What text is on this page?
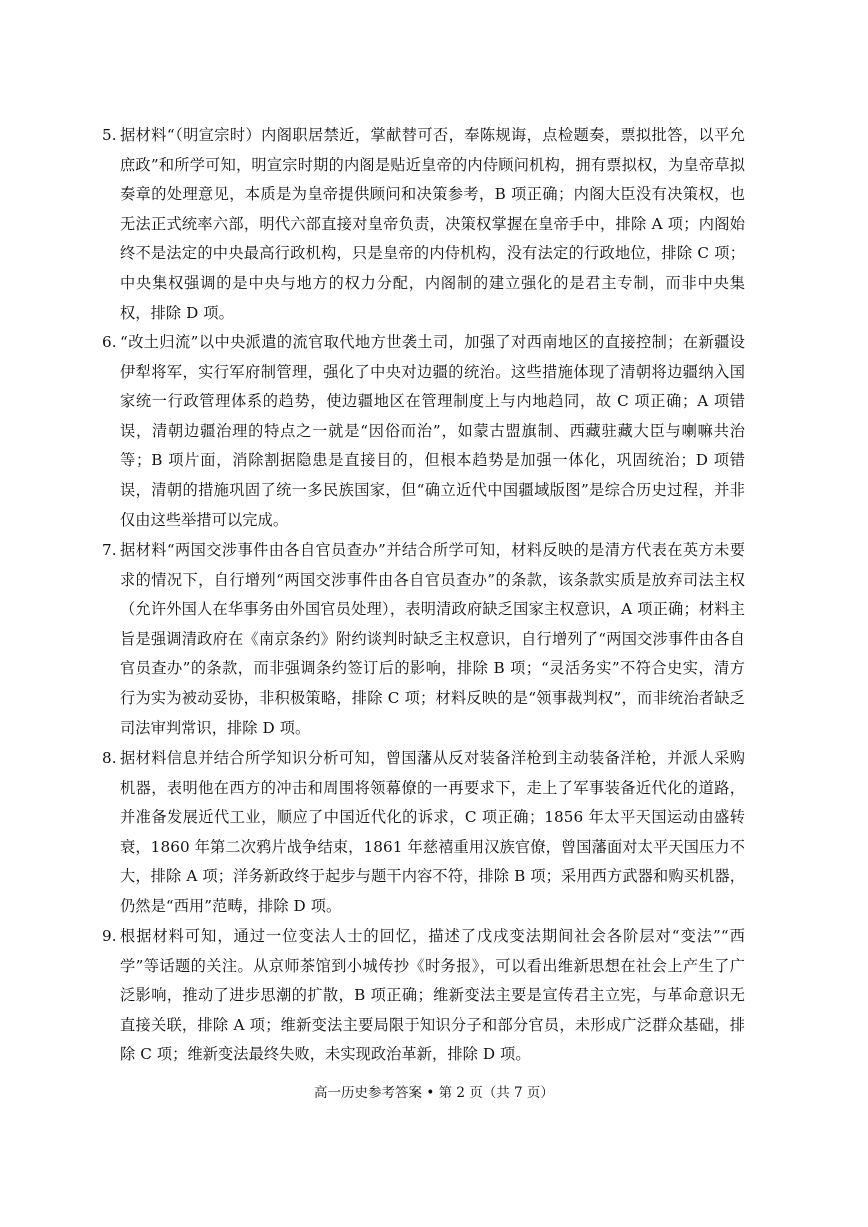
5. 据材料“（明宣宗时）内阁职居禁近，掌献替可否，奉陈规诲，点检题奏，票拟批答，以平允庶政”和所学可知，明宣宗时期的内阁是贴近皇帝的内侍顾问机构，拥有票拟权，为皇帝草拟奏章的处理意见，本质是为皇帝提供顾问和决策参考，B 项正确；内阁大臣没有决策权，也无法正式统率六部，明代六部直接对皇帝负责，决策权掌握在皇帝手中，排除 A 项；内阁始终不是法定的中央最高行政机构，只是皇帝的内侍机构，没有法定的行政地位，排除 C 项；中央集权强调的是中央与地方的权力分配，内阁制的建立强化的是君主专制，而非中央集权，排除 D 项。
6. “改土归流”以中央派遣的流官取代地方世袭土司，加强了对西南地区的直接控制；在新疆设伊犁将军，实行军府制管理，强化了中央对边疆的统治。这些措施体现了清朝将边疆纳入国家统一行政管理体系的趋势，使边疆地区在管理制度上与内地趋同，故 C 项正确；A 项错误，清朝边疆治理的特点之一就是“因俗而治”，如蒙古盟旗制、西藏驻藏大臣与喇嘛共治等；B 项片面，消除割据隐患是直接目的，但根本趋势是加强一体化，巩固统治；D 项错误，清朝的措施巩固了统一多民族国家，但“确立近代中国疆域版图”是综合历史过程，并非仅由这些举措可以完成。
7. 据材料“两国交涉事件由各自官员查办”并结合所学可知，材料反映的是清方代表在英方未要求的情况下，自行增列“两国交涉事件由各自官员查办”的条款，该条款实质是放弃司法主权（允许外国人在华事务由外国官员处理），表明清政府缺乏国家主权意识，A 项正确；材料主旨是强调清政府在《南京条约》附约谈判时缺乏主权意识，自行增列了“两国交涉事件由各自官员查办”的条款，而非强调条约签订后的影响，排除 B 项；“灵活务实”不符合史实，清方行为实为被动妥协，非积极策略，排除 C 项；材料反映的是“领事裁判权”，而非统治者缺乏司法审判常识，排除 D 项。
8. 据材料信息并结合所学知识分析可知，曾国藩从反对装备洋枪到主动装备洋枪，并派人采购机器，表明他在西方的冲击和周围将领幕僚的一再要求下，走上了军事装备近代化的道路，并准备发展近代工业，顺应了中国近代化的诉求，C 项正确；1856 年太平天国运动由盛转衰，1860 年第二次鸦片战争结束，1861 年慈禧重用汉族官僚，曾国藩面对太平天国压力不大，排除 A 项；洋务新政终于起步与题干内容不符，排除 B 项；采用西方武器和购买机器，仍然是“西用”范畴，排除 D 项。
9. 根据材料可知，通过一位变法人士的回忆，描述了戊戌变法期间社会各阶层对“变法”“西学”等话题的关注。从京师茶馆到小城传抄《时务报》，可以看出维新思想在社会上产生了广泛影响，推动了进步思潮的扩散，B 项正确；维新变法主要是宣传君主立宪，与革命意识无直接关联，排除 A 项；维新变法主要局限于知识分子和部分官员，未形成广泛群众基础，排除 C 项；维新变法最终失败，未实现政治革新，排除 D 项。
高一历史参考答案 • 第 2 页（共 7 页）
